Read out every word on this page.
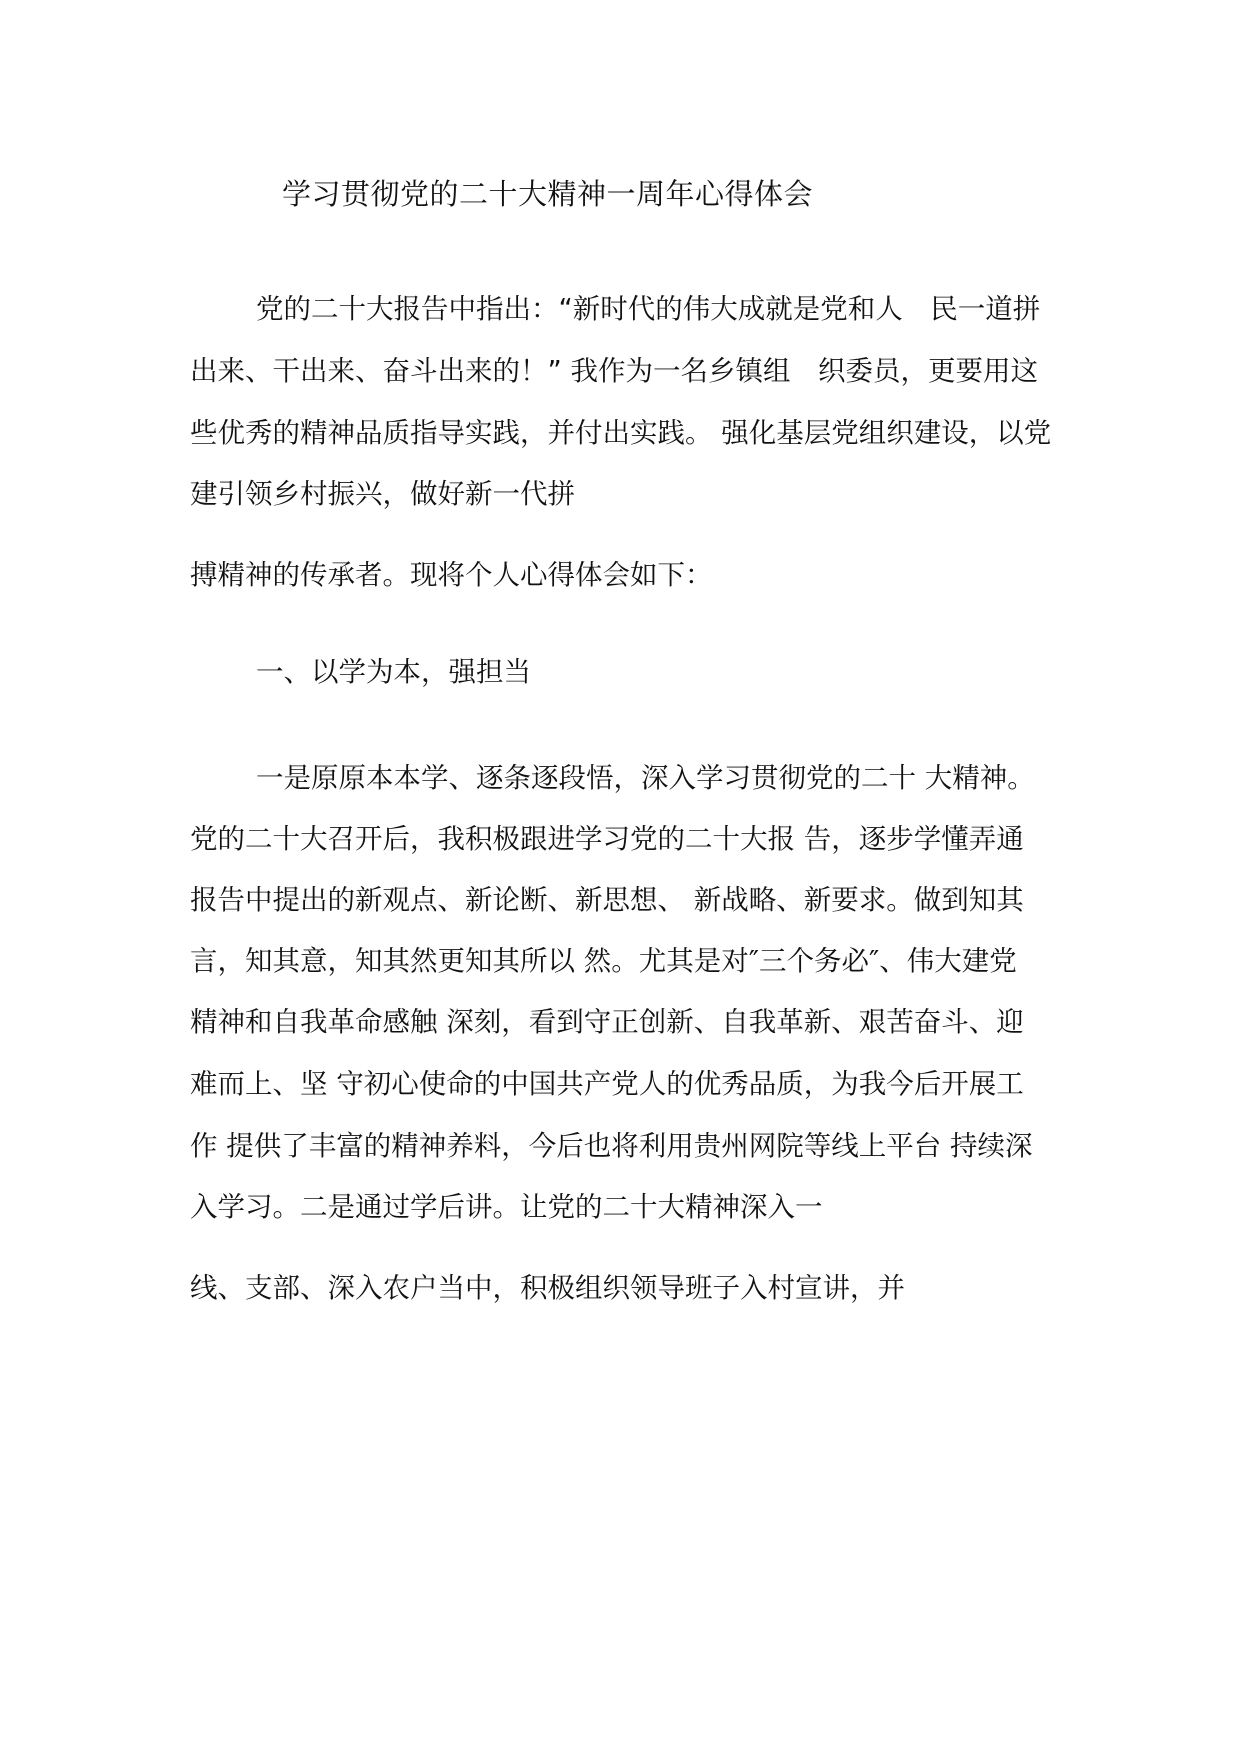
学习贯彻党的二十大精神一周年心得体会
党的二十大报告中指出：“新时代的伟大成就是党和人　民一道拼
出来、干出来、奋斗出来的！” 我作为一名乡镇组　织委员，更要用这
些优秀的精神品质指导实践，并付出实践。 强化基层党组织建设，以党
建引领乡村振兴，做好新一代拼
搏精神的传承者。现将个人心得体会如下：
一、以学为本，强担当
一是原原本本学、逐条逐段悟，深入学习贯彻党的二十 大精神。
党的二十大召开后，我积极跟进学习党的二十大报 告，逐步学懂弄通
报告中提出的新观点、新论断、新思想、 新战略、新要求。做到知其
言，知其意，知其然更知其所以 然。尤其是对″三个务必″、伟大建党
精神和自我革命感触 深刻，看到守正创新、自我革新、艰苦奋斗、迎
难而上、坚 守初心使命的中国共产党人的优秀品质，为我今后开展工
作 提供了丰富的精神养料，今后也将利用贵州网院等线上平台 持续深
入学习。二是通过学后讲。让党的二十大精神深入一
线、支部、深入农户当中，积极组织领导班子入村宣讲，并
